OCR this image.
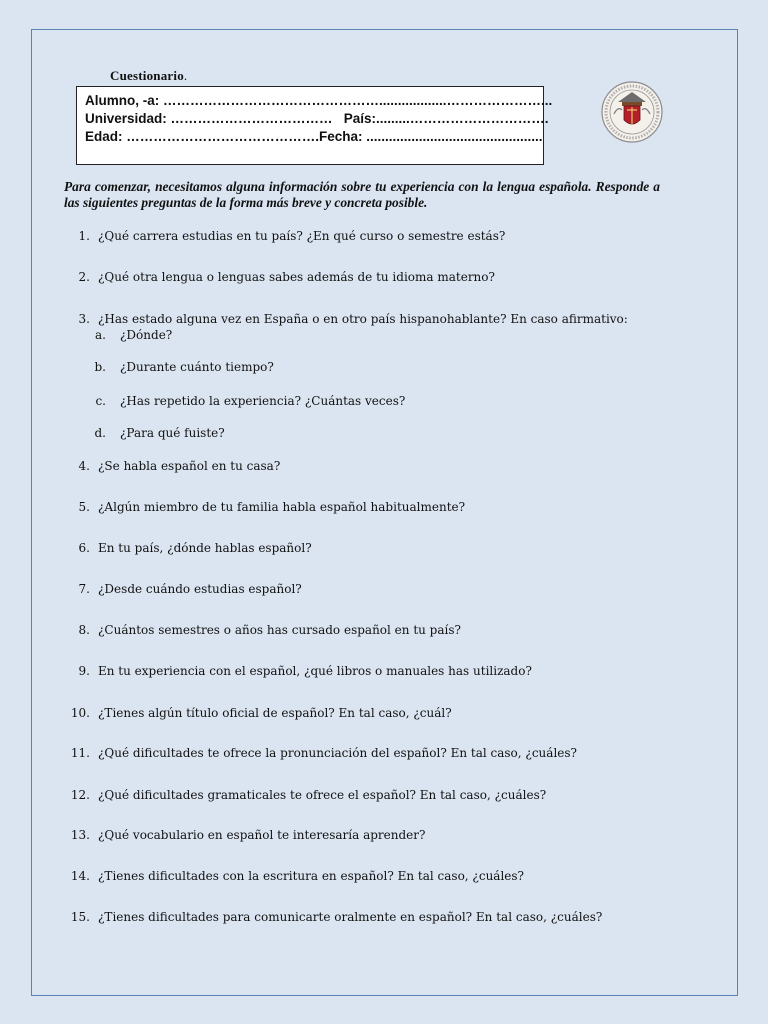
Cuestionario.
Alumno, -a: …………………………………………..................…………………...
Universidad: ………………………………   País:.........………………………….
Edad: …………………………………….Fecha: ...............................................
Para comenzar, necesitamos alguna información sobre tu experiencia con la lengua española. Responde a las siguientes preguntas de la forma más breve y concreta posible.
1. ¿Qué carrera estudias en tu país? ¿En qué curso o semestre estás?
2. ¿Qué otra lengua o lenguas sabes además de tu idioma materno?
3. ¿Has estado alguna vez en España o en otro país hispanohablante? En caso afirmativo:
a. ¿Dónde?
b. ¿Durante cuánto tiempo?
c. ¿Has repetido la experiencia? ¿Cuántas veces?
d. ¿Para qué fuiste?
4. ¿Se habla español en tu casa?
5. ¿Algún miembro de tu familia habla español habitualmente?
6. En tu país, ¿dónde hablas español?
7. ¿Desde cuándo estudias español?
8. ¿Cuántos semestres o años has cursado español en tu país?
9. En tu experiencia con el español, ¿qué libros o manuales has utilizado?
10. ¿Tienes algún título oficial de español? En tal caso, ¿cuál?
11. ¿Qué dificultades te ofrece la pronunciación del español? En tal caso, ¿cuáles?
12. ¿Qué dificultades gramaticales te ofrece el español? En tal caso, ¿cuáles?
13. ¿Qué vocabulario en español te interesaría aprender?
14. ¿Tienes dificultades con la escritura en español? En tal caso, ¿cuáles?
15. ¿Tienes dificultades para comunicarte oralmente en español? En tal caso, ¿cuáles?
